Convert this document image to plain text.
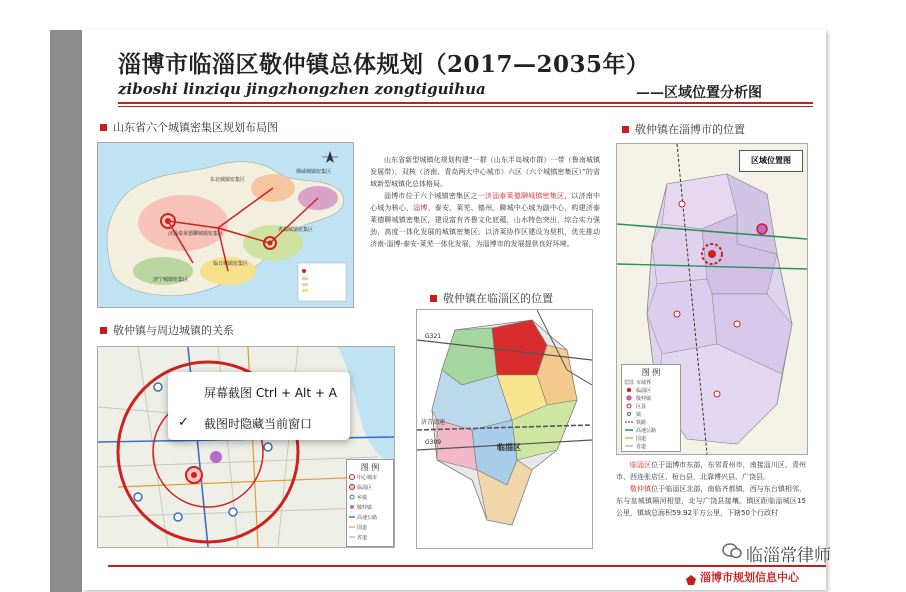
淄博市临淄区敬仲镇总体规划（2017—2035年）
ziboshi linziqu jingzhongzhen zongtiguihua	——区域位置分析图
山东省六个城镇密集区规划布局图
敬仲镇与周边城镇的关系
敬仲镇在临淄区的位置
敬仲镇在淄博市的位置
东北城镇密集区
烟威城镇密集区
济淄泰莱德聊城镇密集区
青岛城镇密集区
临日城镇密集区
济宁城镇密集区
山东省新型城镇化规划构建“一群（山东半岛城市群）一带（鲁南城镇发展带），双核（济南、青岛两大中心城市）六区（六个城镇密集区）”的省域新型城镇化总体格局。
淄博市位于六个城镇密集区之一济淄泰莱德聊城镇密集区，以济南中心城为核心，淄博、泰安、莱芜、德州、聊城中心城为副中心，构建济泰莱德聊城镇密集区，建设富有齐鲁文化底蕴，山水特色突出，综合实力强劲，高度一体化发展的城镇密集区。以济莱协作区建设为契机，优先推动济南-淄博-泰安-莱芜一体化发展，为淄博市的发展提供良好环境。
图 例
中心城市
临淄区
乡镇
敬仲镇
高速公路
国道
省道
屏幕截图 Ctrl + Alt + A
✓ 截图时隐藏当前窗口
G321
济青高速
G309
临淄区
区域位置图
图 例
市域界
临淄区
敬仲镇
区县
镇
铁路
高速公路
国道
省道
临淄区位于淄博市东部，东邻青州市，南接淄川区、青州市、西连张店区、桓台县，北靠博兴县、广饶县。
敬仲镇位于临淄区北部，南临齐都镇，西与东台镇相邻，东与皇城镇隔河相望，北与广饶县接壤。镇区距临淄城区15公里，镇域总面积59.92平方公里，下辖50个行政村
淄博市规划信息中心
临淄常律师
